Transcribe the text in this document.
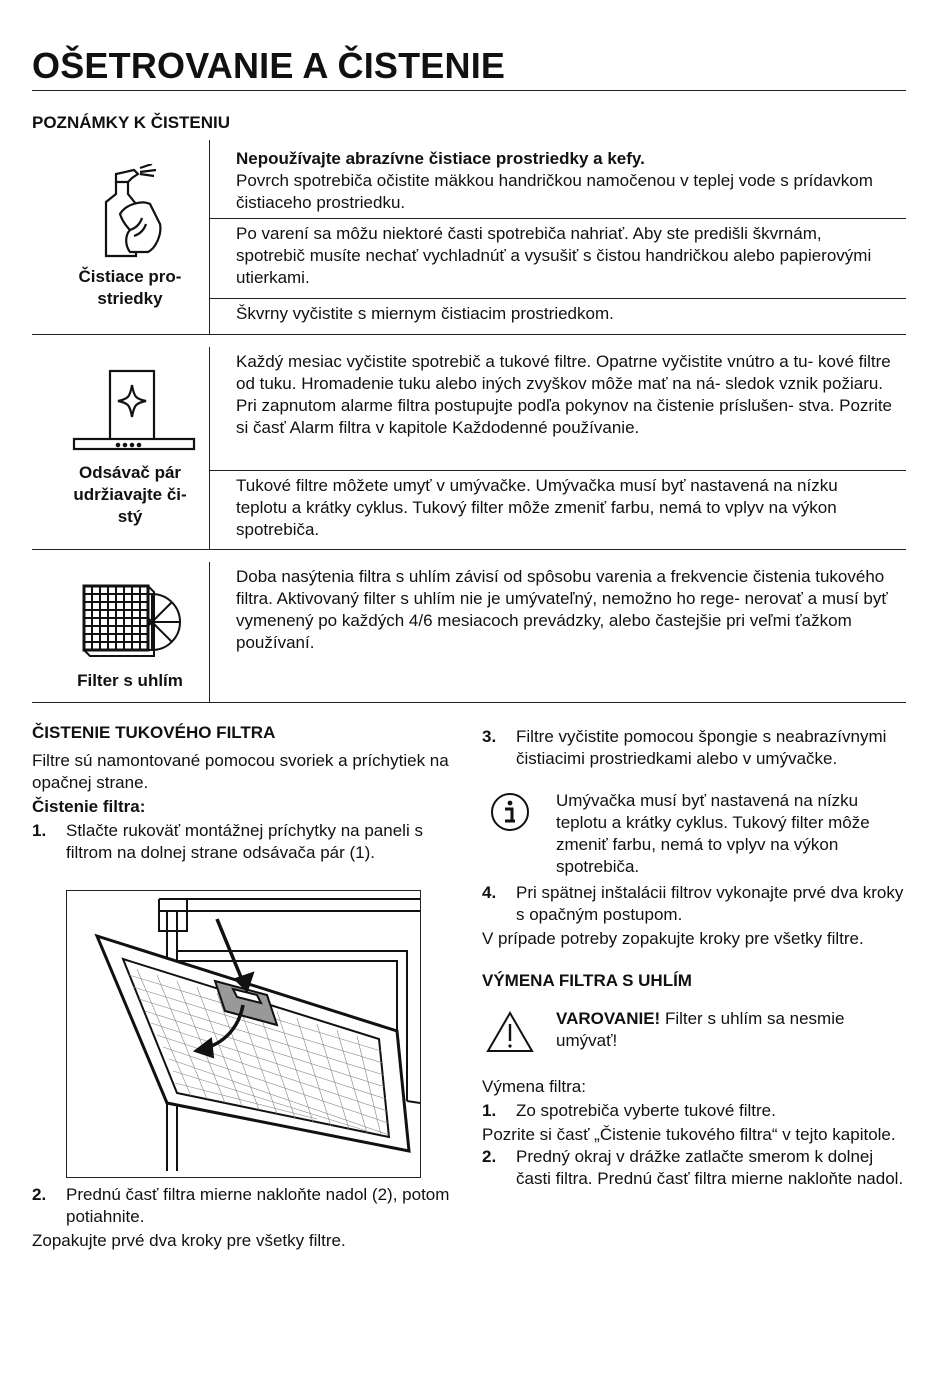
OŠETROVANIE A ČISTENIE
POZNÁMKY K ČISTENIU
Čistiace pro-
striedky
Nepoužívajte abrazívne čistiace prostriedky a kefy.
Povrch spotrebiča očistite mäkkou handričkou namočenou v teplej vode s prídavkom čistiaceho prostriedku.
Po varení sa môžu niektoré časti spotrebiča nahriať. Aby ste predišli škvrnám, spotrebič musíte nechať vychladnúť a vysušiť s čistou handričkou alebo papierovými utierkami.
Škvrny vyčistite s miernym čistiacim prostriedkom.
Odsávač pár
udržiavajte či-
stý
Každý mesiac vyčistite spotrebič a tukové filtre. Opatrne vyčistite vnútro a tu- kové filtre od tuku. Hromadenie tuku alebo iných zvyškov môže mať na ná- sledok vznik požiaru. Pri zapnutom alarme filtra postupujte podľa pokynov na čistenie príslušen- stva. Pozrite si časť Alarm filtra v kapitole Každodenné používanie.
Tukové filtre môžete umyť v umývačke. Umývačka musí byť nastavená na nízku teplotu a krátky cyklus. Tukový filter môže zmeniť farbu, nemá to vplyv na výkon spotrebiča.
Filter s uhlím
Doba nasýtenia filtra s uhlím závisí od spôsobu varenia a frekvencie čistenia tukového filtra. Aktivovaný filter s uhlím nie je umývateľný, nemožno ho rege- nerovať a musí byť vymenený po každých 4/6 mesiacoch prevádzky, alebo častejšie pri veľmi ťažkom používaní.
ČISTENIE TUKOVÉHO FILTRA
Filtre sú namontované pomocou svoriek a príchytiek na opačnej strane.
Čistenie filtra:
1. Stlačte rukoväť montážnej príchytky na paneli s filtrom na dolnej strane odsávača pár (1).
2. Prednú časť filtra mierne nakloňte nadol (2), potom potiahnite.
Zopakujte prvé dva kroky pre všetky filtre.
3. Filtre vyčistite pomocou špongie s neabrazívnymi čistiacimi prostriedkami alebo v umývačke.
Umývačka musí byť nastavená na nízku teplotu a krátky cyklus. Tukový filter môže zmeniť farbu, nemá to vplyv na výkon spotrebiča.
4. Pri spätnej inštalácii filtrov vykonajte prvé dva kroky s opačným postupom.
V prípade potreby zopakujte kroky pre všetky filtre.
VÝMENA FILTRA S UHLÍM
VAROVANIE! Filter s uhlím sa nesmie umývať!
Výmena filtra:
1. Zo spotrebiča vyberte tukové filtre.
Pozrite si časť „Čistenie tukového filtra“ v tejto kapitole.
2. Predný okraj v drážke zatlačte smerom k dolnej časti filtra. Prednú časť filtra mierne nakloňte nadol.
